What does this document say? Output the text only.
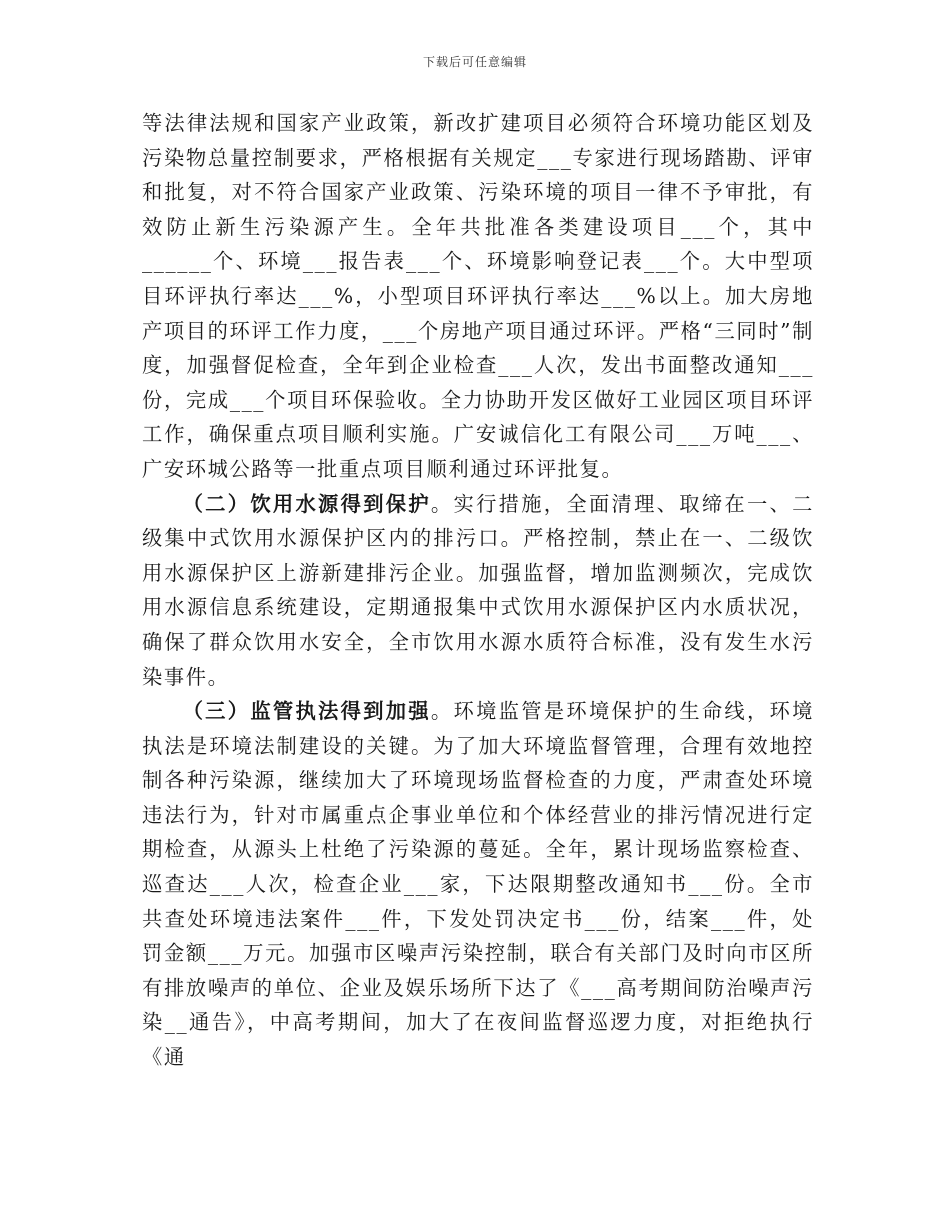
下载后可任意编辑

等法律法规和国家产业政策，新改扩建项目必须符合环境功能区划及污染物总量控制要求，严格根据有关规定___专家进行现场踏勘、评审和批复，对不符合国家产业政策、污染环境的项目一律不予审批，有效防止新生污染源产生。全年共批准各类建设项目___个，其中______个、环境___报告表___个、环境影响登记表___个。大中型项目环评执行率达___%，小型项目环评执行率达___%以上。加大房地产项目的环评工作力度，___个房地产项目通过环评。严格“三同时”制度，加强督促检查，全年到企业检查___人次，发出书面整改通知___份，完成___个项目环保验收。全力协助开发区做好工业园区项目环评工作，确保重点项目顺利实施。广安诚信化工有限公司___万吨___、广安环城公路等一批重点项目顺利通过环评批复。

（二）饮用水源得到保护。实行措施，全面清理、取缔在一、二级集中式饮用水源保护区内的排污口。严格控制，禁止在一、二级饮用水源保护区上游新建排污企业。加强监督，增加监测频次，完成饮用水源信息系统建设，定期通报集中式饮用水源保护区内水质状况，确保了群众饮用水安全，全市饮用水源水质符合标准，没有发生水污染事件。

（三）监管执法得到加强。环境监管是环境保护的生命线，环境执法是环境法制建设的关键。为了加大环境监督管理，合理有效地控制各种污染源，继续加大了环境现场监督检查的力度，严肃查处环境违法行为，针对市属重点企事业单位和个体经营业的排污情况进行定期检查，从源头上杜绝了污染源的蔓延。全年，累计现场监察检查、巡查达___人次，检查企业___家，下达限期整改通知书___份。全市共查处环境违法案件___件，下发处罚决定书___份，结案___件，处罚金额___万元。加强市区噪声污染控制，联合有关部门及时向市区所有排放噪声的单位、企业及娱乐场所下达了《___高考期间防治噪声污染__通告》，中高考期间，加大了在夜间监督巡逻力度，对拒绝执行《通
